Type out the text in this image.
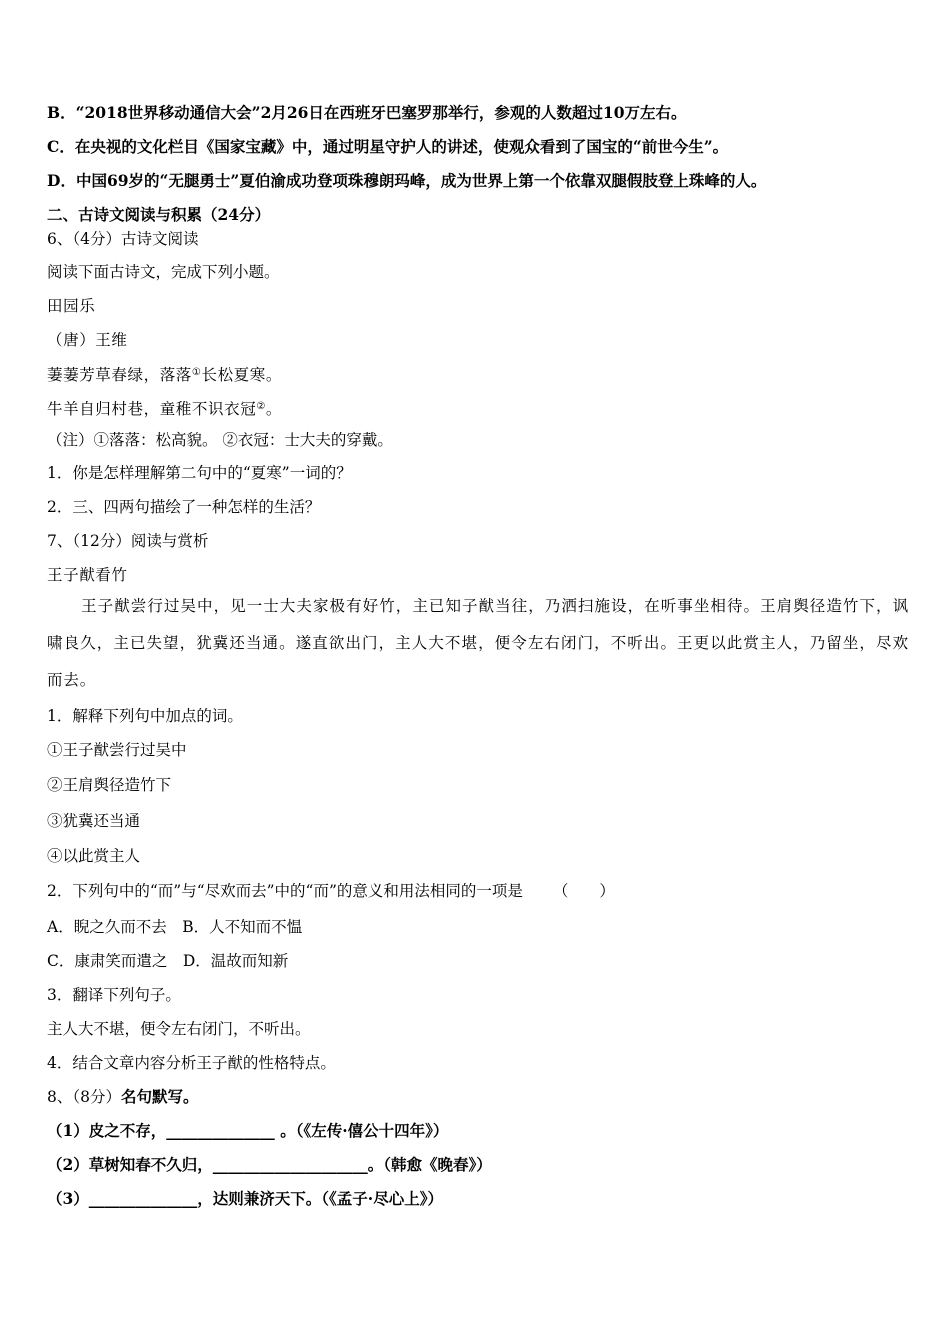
B．“2018世界移动通信大会”2月26日在西班牙巴塞罗那举行，参观的人数超过10万左右。
C．在央视的文化栏目《国家宝藏》中，通过明星守护人的讲述，使观众看到了国宝的“前世今生”。
D．中国69岁的“无腿勇士”夏伯渝成功登项珠穆朗玛峰，成为世界上第一个依靠双腿假肢登上珠峰的人。
二、古诗文阅读与积累（24分）
6、（4分）古诗文阅读
阅读下面古诗文，完成下列小题。
田园乐
（唐）王维
萋萋芳草春绿，落落①长松夏寒。
牛羊自归村巷，童稚不识衣冠②。
（注）①落落：松高貌。 ②衣冠：士大夫的穿戴。
1．你是怎样理解第二句中的“夏寒”一词的？
2．三、四两句描绘了一种怎样的生活？
7、（12分）阅读与赏析
王子猷看竹
王子猷尝行过吴中，见一士大夫家极有好竹，主已知子猷当往，乃洒扫施设，在听事坐相待。王肩舆径造竹下，讽啸良久，主已失望，犹冀还当通。遂直欲出门，主人大不堪，便令左右闭门，不听出。王更以此赏主人，乃留坐，尽欢而去。
1．解释下列句中加点的词。
①王子猷尝行过吴中
②王肩舆径造竹下
③犹冀还当通
④以此赏主人
2．下列句中的“而”与“尽欢而去”中的“而”的意义和用法相同的一项是 （　　）
A．睨之久而不去　B．人不知而不愠
C．康肃笑而遣之　D．温故而知新
3．翻译下列句子。
主人大不堪，便令左右闭门，不听出。
4．结合文章内容分析王子猷的性格特点。
8、（8分）名句默写。
（1）皮之不存，______________ 。（《左传·僖公十四年》）
（2）草树知春不久归，____________________。（韩愈《晚春》）
（3）______________，达则兼济天下。（《孟子·尽心上》）
